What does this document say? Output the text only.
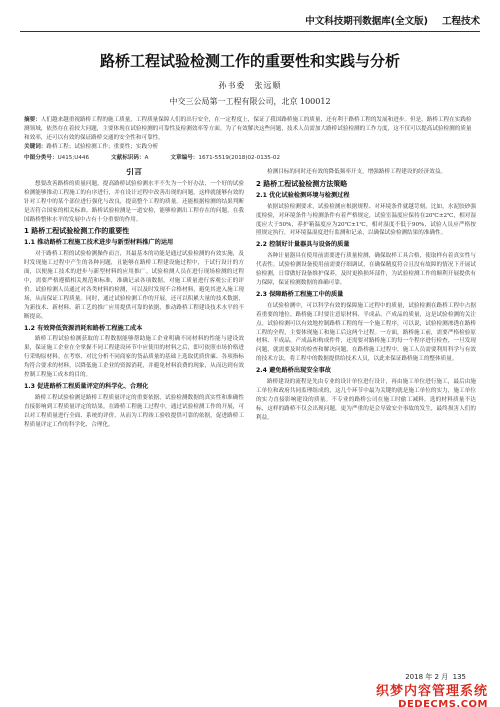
中文科技期刊数据库(全文版) 工程技术
路桥工程试验检测工作的重要性和实践与分析
孙书委　张远顺
中交三公局第一工程有限公司，北京 100012

摘要：人们越来越重视路桥工程的施工质量，工程质量保障人们的出行安全，在一定程度上，保证了我国路桥施工的质量，还有利于路桥工程的发展和进步。但是，路桥工程在实践检测领域，依然存在着较大问题，主要体现在试验检测的可靠性及检测效率等方面。为了有效解决这些问题，技术人员需加大路桥试验检测的工作力度，这不仅可以提高试验检测的质量和效率，还可以有效的保证路桥交通的安全性和可靠性。

关键词：路桥工程；试验检测工作；重要性；实践分析

中图分类号：U415;U446	文献标识码：A	文章编号：1671-5519(2018)02-0135-02
引言

想要改善路桥的质量问题，提高路桥试验检测水平不失为一个好办法，一个好的试验检测能够推动工程施工的有序进行，并在设计过程中改善出现的问题。这样就能够有效的针对工程中的某个部位进行强化与改良，提高整个工程的质量。还能根据检测的结果判断是否符合国家的相关标准。路桥试验检测是一道安检，能够检测出工程存在的问题，在我国路桥整体水平的发展中占有十分重要的作用。

1 路桥工程试验检测工作的重要性
1.1 推动路桥工程施工技术进步与新型材料推广的运用

对于路桥工程的试验检测操作而言，其最基本的功能是通过试验检测的有效实施，及时发现施工过程中产生的各种问题，且能够在路桥工程建设施过程中，于试行设计的方面，以便施工技术的进步与新型材料的应用推广。试验检测人员在进行现场检测的过程中，需要严格遵循相关规范和标准，准确记录各项数据，对施工质量进行客观公正的评价。试验检测人员通过对各类材料的检测，可以及时发现不合格材料，避免其进入施工现场，从而保证工程质量。同时，通过试验检测工作的开展，还可以积累大量的技术数据，为新技术、新材料、新工艺的推广应用提供可靠的依据，推动路桥工程建设技术水平的不断提高。

1.2 有效降低资源消耗和路桥工程施工成本

路桥工程试验检测获取的工程数据能够帮助施工企业明确不同材料的性能与建设效果，保证施工企业在全掌握不同工程建设环节中应使用的材料之后，即可依照市场价格进行采购原材料。在考察、对比分析不同商家的货品质量的基础上选取优质价廉、各项指标均符合要求的材料，以降低施工企业的资源消耗，并避免材料浪费的现象，从而达到有效控制工程施工成本的目的。

1.3 促进路桥工程质量评定的科学化、合理化

路桥工程试验检测是路桥工程质量评定的重要依据，试验检测数据的真实性和准确性直接影响到工程质量评定的结果。在路桥工程施工过程中，通过试验检测工作的开展，可以对工程质量进行全面、系统的评价，从而为工程竣工验收提供可靠的依据，促进路桥工程质量评定工作的科学化、合理化。

检测目标的同时还有效的降低频率开支，增强路桥工程建设的经济效益。

2 路桥工程试验检测方法策略
2.1 优化试验检测环境与检测过程

依据试验检测要求，试验检测应根据规程、对环境条件就越苛刻，比如，水泥胶砂强度检验，对环境条件与检测条件有着严格规定，试验室温度应保持在20℃±2℃，相对湿度应大于50%，养护箱温度应为20℃±1℃，相对湿度不低于90%，试验人员应严格按照规定执行，对环境温湿度进行监测和记录，以确保试验检测结果的准确性。

2.2 控制好计量器具与设备的质量

各种计量器具在使用前需要进行质量检测，确保取样工具合格，使取样有着真实性与代表性。试验检测设备使用前需要仔细调试，在确保精度符合且没有故障的情况下开展试验检测，日常做好设备维护保养，及时更换损坏部件，为试验检测工作的顺利开展提供有力保障，保证检测数据的准确可靠。

2.3 保障路桥工程施工中的质量

在试验检测中，可以科学有效的保障施工过程中的质量，试验检测在路桥工程中占据着重要的地位。路桥施工时要注意原材料、半成品、产成品的质量，这是试验检测的关注点。试验检测可以有效地控制路桥工程的每一个施工程序，可以说，试验检测渗透在路桥工程的全程，主要体现施工和施工后这两个过程。一方面，路桥施工前，需要严格检验原材料、半成品、产成品和构成件件，还需要对路桥施工的每一个程序进行检查，一旦发现问题，就需要及时的检查和解决问题。在路桥施工过程中，施工人员需要利用科学与有效的技术方法，将工程中的数据提供给技术人员，以此来保证路桥施工的整体质量。

2.4 避免路桥出现安全事故

路桥建设的流程是先由专业的设计单位进行设计，再由施工单位进行施工，最后由施工单位和政府共同监理组成的，这几个环节中最为关键的就是施工单位的实力，施工单位的实力直接影响建设的质量。不专业的路桥公司在施工时偷工减料，选的材料质量不达标，这样的路桥不仅会出现问题，更为严重的是会导致安全事故的发生，最终损害人们的利益。

2018 年 2 月 135
织梦内容管理系统
DEDECMS.COM
